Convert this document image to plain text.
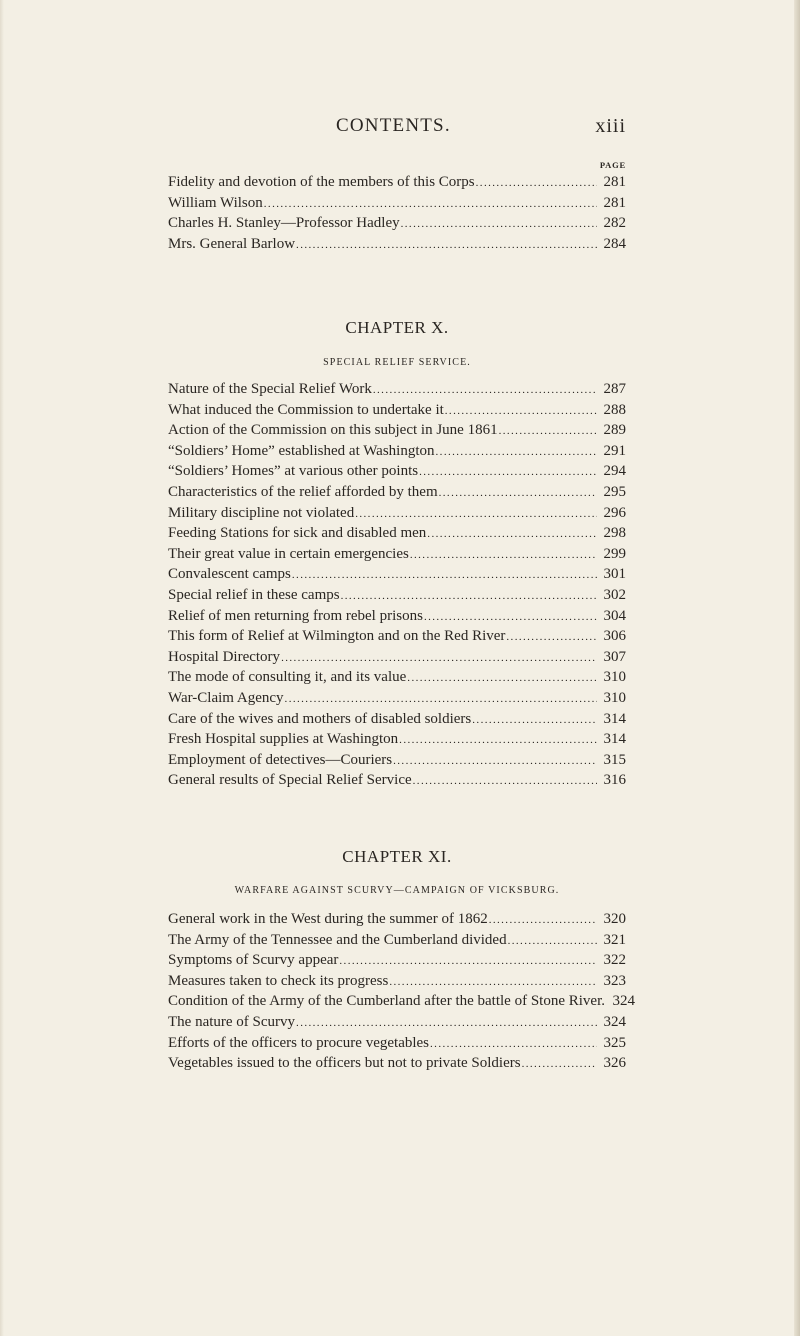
CONTENTS.	xiii
PAGE
Fidelity and devotion of the members of this Corps .....	281
William Wilson .....	281
Charles H. Stanley—Professor Hadley .....	282
Mrs. General Barlow .....	284
CHAPTER X.
SPECIAL RELIEF SERVICE.
Nature of the Special Relief Work .....	287
What induced the Commission to undertake it .....	288
Action of the Commission on this subject in June 1861 .....	289
“Soldiers’ Home” established at Washington .....	291
“Soldiers’ Homes” at various other points .....	294
Characteristics of the relief afforded by them .....	295
Military discipline not violated .....	296
Feeding Stations for sick and disabled men .....	298
Their great value in certain emergencies .....	299
Convalescent camps .....	301
Special relief in these camps .....	302
Relief of men returning from rebel prisons .....	304
This form of Relief at Wilmington and on the Red River .....	306
Hospital Directory .....	307
The mode of consulting it, and its value .....	310
War-Claim Agency .....	310
Care of the wives and mothers of disabled soldiers .....	314
Fresh Hospital supplies at Washington .....	314
Employment of detectives—Couriers .....	315
General results of Special Relief Service .....	316
CHAPTER XI.
WARFARE AGAINST SCURVY—CAMPAIGN OF VICKSBURG.
General work in the West during the summer of 1862 .....	320
The Army of the Tennessee and the Cumberland divided .....	321
Symptoms of Scurvy appear .....	322
Measures taken to check its progress .....	323
Condition of the Army of the Cumberland after the battle of Stone River. 324
The nature of Scurvy .....	324
Efforts of the officers to procure vegetables .....	325
Vegetables issued to the officers but not to private Soldiers .....	326
